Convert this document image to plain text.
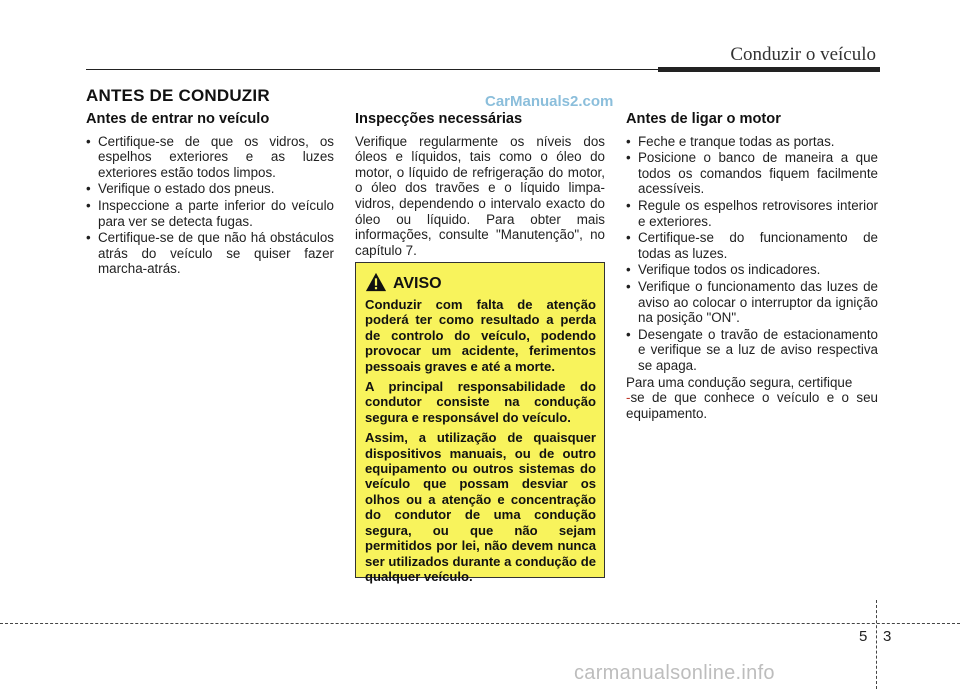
Conduzir o veículo
ANTES DE CONDUZIR	CarManuals2.com
Antes de entrar no veículo
• Certifique-se de que os vidros, os espelhos exteriores e as luzes exteriores estão todos limpos.
• Verifique o estado dos pneus.
• Inspeccione a parte inferior do veículo para ver se detecta fugas.
• Certifique-se de que não há obstáculos atrás do veículo se quiser fazer marcha-atrás.
Inspecções necessárias

Verifique regularmente os níveis dos óleos e líquidos, tais como o óleo do motor, o líquido de refrigeração do motor, o óleo dos travões e o líquido limpa-vidros, dependendo o intervalo exacto do óleo ou líquido. Para obter mais informações, consulte "Manutenção", no capítulo 7.

AVISO

Conduzir com falta de atenção poderá ter como resultado a perda de controlo do veículo, podendo provocar um acidente, ferimentos pessoais graves e até a morte.

A principal responsabilidade do condutor consiste na condução segura e responsável do veículo.

Assim, a utilização de quaisquer dispositivos manuais, ou de outro equipamento ou outros sistemas do veículo que possam desviar os olhos ou a atenção e concentração do condutor de uma condução segura, ou que não sejam permitidos por lei, não devem nunca ser utilizados durante a condução de qualquer veículo.

Antes de ligar o motor
• Feche e tranque todas as portas.
• Posicione o banco de maneira a que todos os comandos fiquem facilmente acessíveis.
• Regule os espelhos retrovisores interior e exteriores.
• Certifique-se do funcionamento de todas as luzes.
• Verifique todos os indicadores.
• Verifique o funcionamento das luzes de aviso ao colocar o interruptor da ignição na posição "ON".
• Desengate o travão de estacionamento e verifique se a luz de aviso respectiva se apaga.

Para uma condução segura, certifique
-se de que conhece o veículo e o seu equipamento.

5 3
carmanualsonline.info
